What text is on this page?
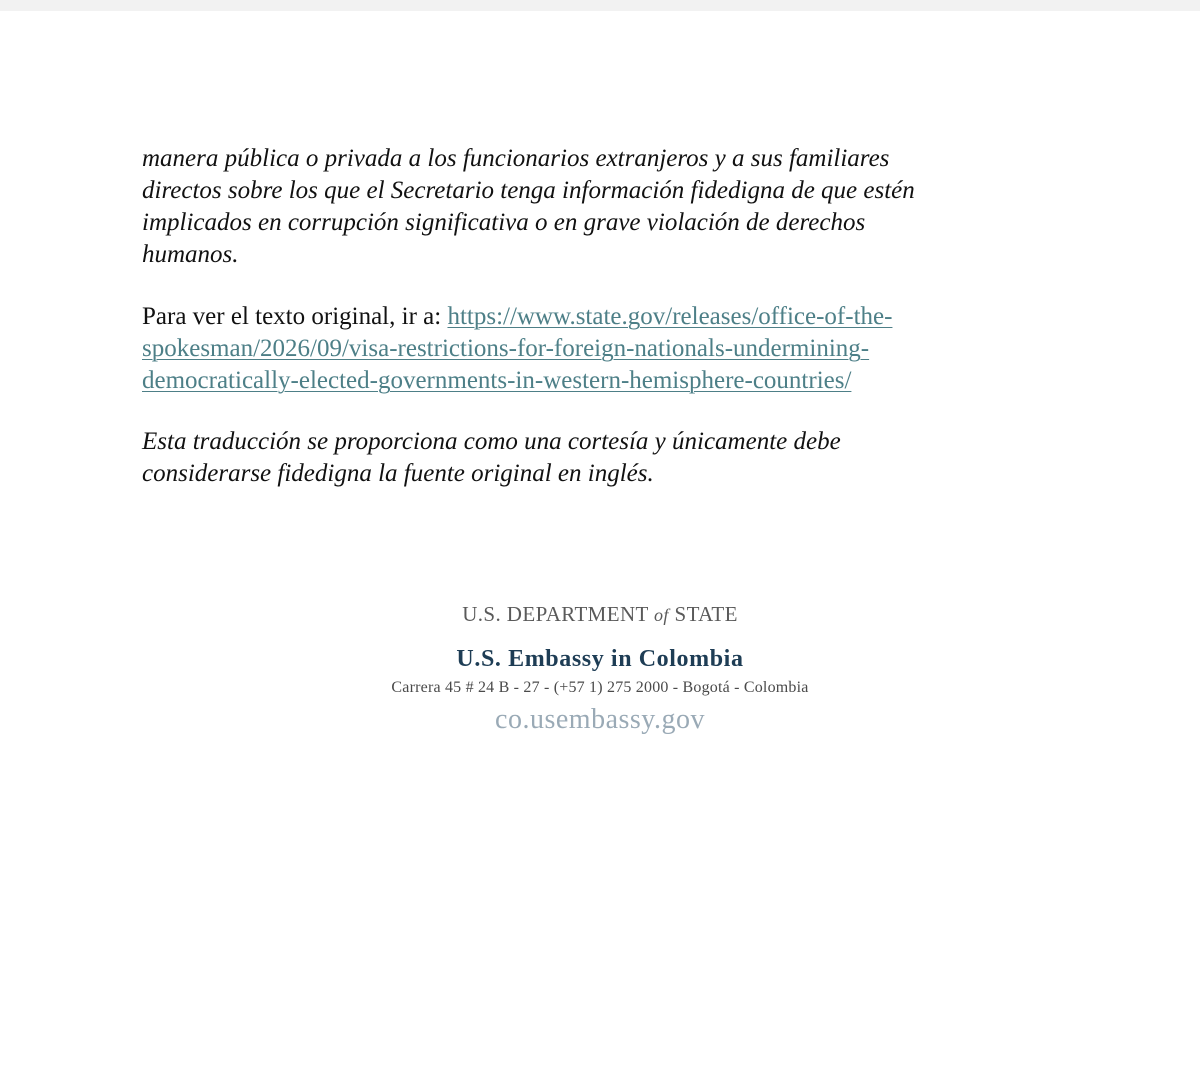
manera pública o privada a los funcionarios extranjeros y a sus familiares
directos sobre los que el Secretario tenga información fidedigna de que estén
implicados en corrupción significativa o en grave violación de derechos
humanos.
Para ver el texto original, ir a: https://www.state.gov/releases/office-of-the-
spokesman/2026/09/visa-restrictions-for-foreign-nationals-undermining-
democratically-elected-governments-in-western-hemisphere-countries/
Esta traducción se proporciona como una cortesía y únicamente debe
considerarse fidedigna la fuente original en inglés.
U.S. DEPARTMENT of STATE
U.S. Embassy in Colombia
Carrera 45 # 24 B - 27 - (+57 1) 275 2000 - Bogotá - Colombia
co.usembassy.gov
